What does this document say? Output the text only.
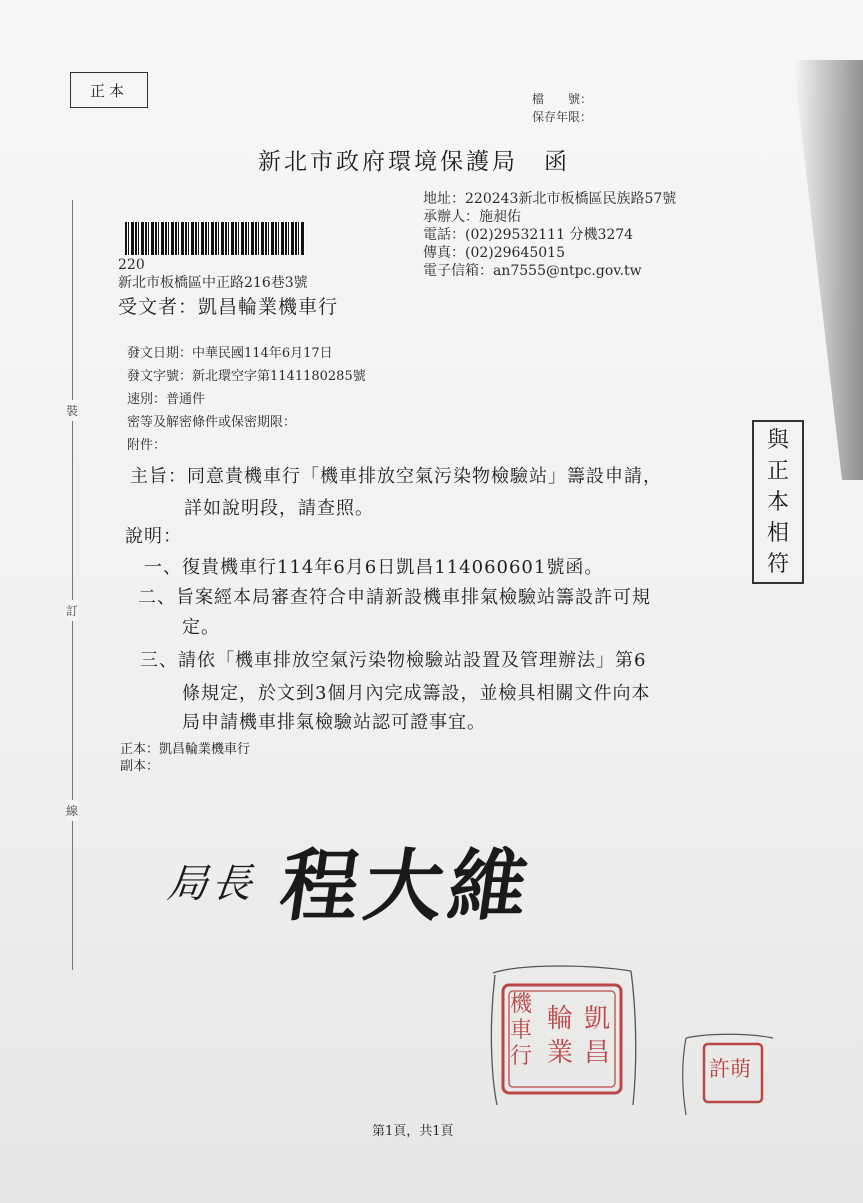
正本	檔　　號：
保存年限：
新北市政府環境保護局　函
地址：220243新北市板橋區民族路57號
承辦人：施昶佑
電話：(02)29532111 分機3274
傳真：(02)29645015
電子信箱：an7555@ntpc.gov.tw
220
新北市板橋區中正路216巷3號
受文者：凱昌輪業機車行
發文日期：中華民國114年6月17日
發文字號：新北環空字第1141180285號
速別：普通件
密等及解密條件或保密期限：
附件：
裝
訂
線
主旨：同意貴機車行「機車排放空氣污染物檢驗站」籌設申請，
詳如說明段，請查照。
說明：
一、復貴機車行114年6月6日凱昌114060601號函。
二、旨案經本局審查符合申請新設機車排氣檢驗站籌設許可規
定。
三、請依「機車排放空氣污染物檢驗站設置及管理辦法」第6
條規定，於文到3個月內完成籌設，並檢具相關文件向本
局申請機車排氣檢驗站認可證事宜。
正本：凱昌輪業機車行
副本：
與
正
本
相
符
局長 程大維
機車行
輪業
凱昌
許萌
第1頁，共1頁
